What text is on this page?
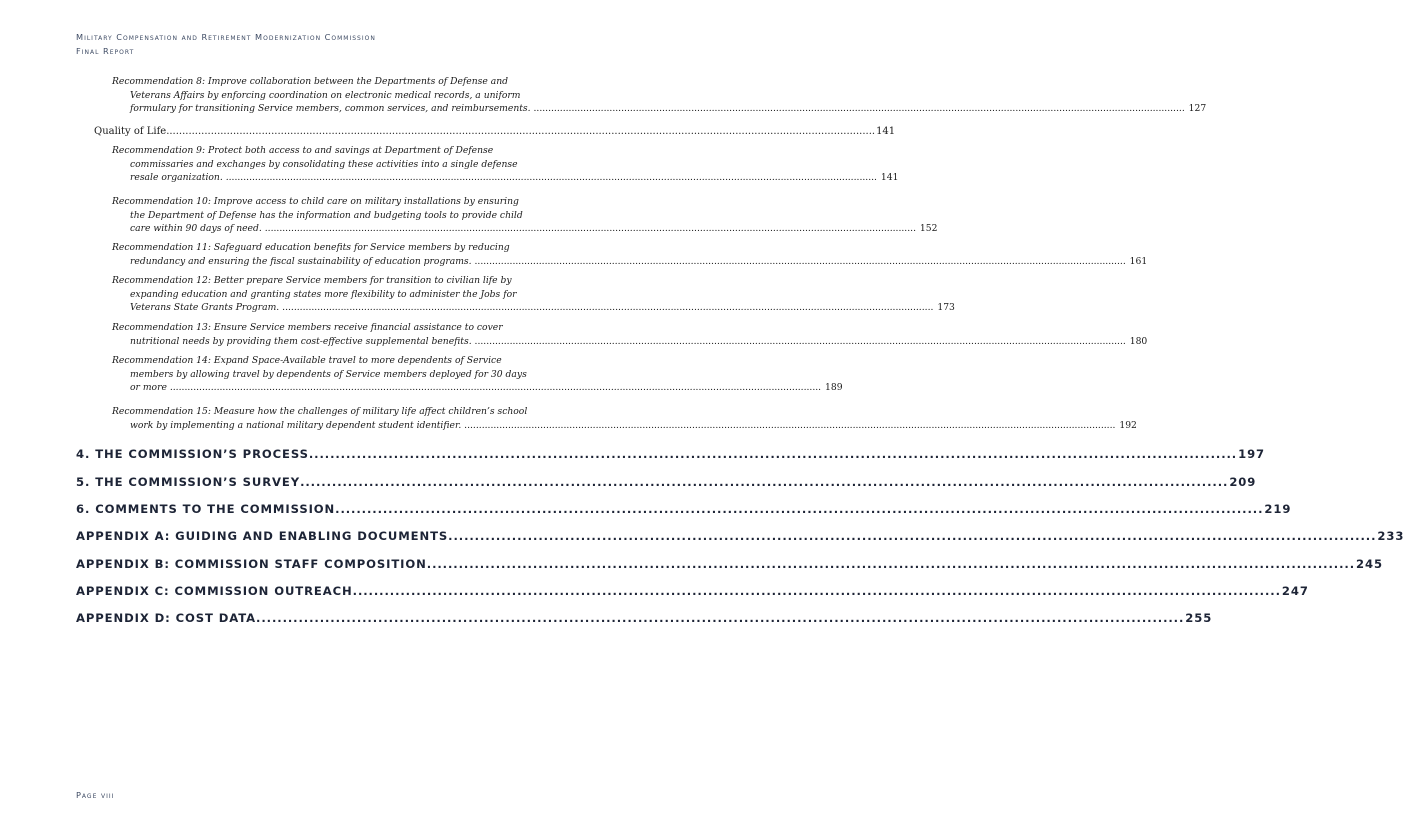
Military Compensation and Retirement Modernization Commission
Final Report
Recommendation 8: Improve collaboration between the Departments of Defense and
Veterans Affairs by enforcing coordination on electronic medical records, a uniform
formulary for transitioning Service members, common services, and reimbursements. .....	127
Quality of Life .....	141
Recommendation 9: Protect both access to and savings at Department of Defense
commissaries and exchanges by consolidating these activities into a single defense
resale organization. .....	141
Recommendation 10: Improve access to child care on military installations by ensuring
the Department of Defense has the information and budgeting tools to provide child
care within 90 days of need. .....	152
Recommendation 11: Safeguard education benefits for Service members by reducing
redundancy and ensuring the fiscal sustainability of education programs. .....	161
Recommendation 12: Better prepare Service members for transition to civilian life by
expanding education and granting states more flexibility to administer the Jobs for
Veterans State Grants Program. .....	173
Recommendation 13: Ensure Service members receive financial assistance to cover
nutritional needs by providing them cost-effective supplemental benefits. .....	180
Recommendation 14: Expand Space-Available travel to more dependents of Service
members by allowing travel by dependents of Service members deployed for 30 days
or more .....	189
Recommendation 15: Measure how the challenges of military life affect children’s school
work by implementing a national military dependent student identifier. .....	192
4. THE COMMISSION’S PROCESS .....	197
5. THE COMMISSION’S SURVEY .....	209
6. COMMENTS TO THE COMMISSION .....	219
APPENDIX A: GUIDING AND ENABLING DOCUMENTS .....	233
APPENDIX B: COMMISSION STAFF COMPOSITION .....	245
APPENDIX C: COMMISSION OUTREACH .....	247
APPENDIX D: COST DATA .....	255
Page viii
